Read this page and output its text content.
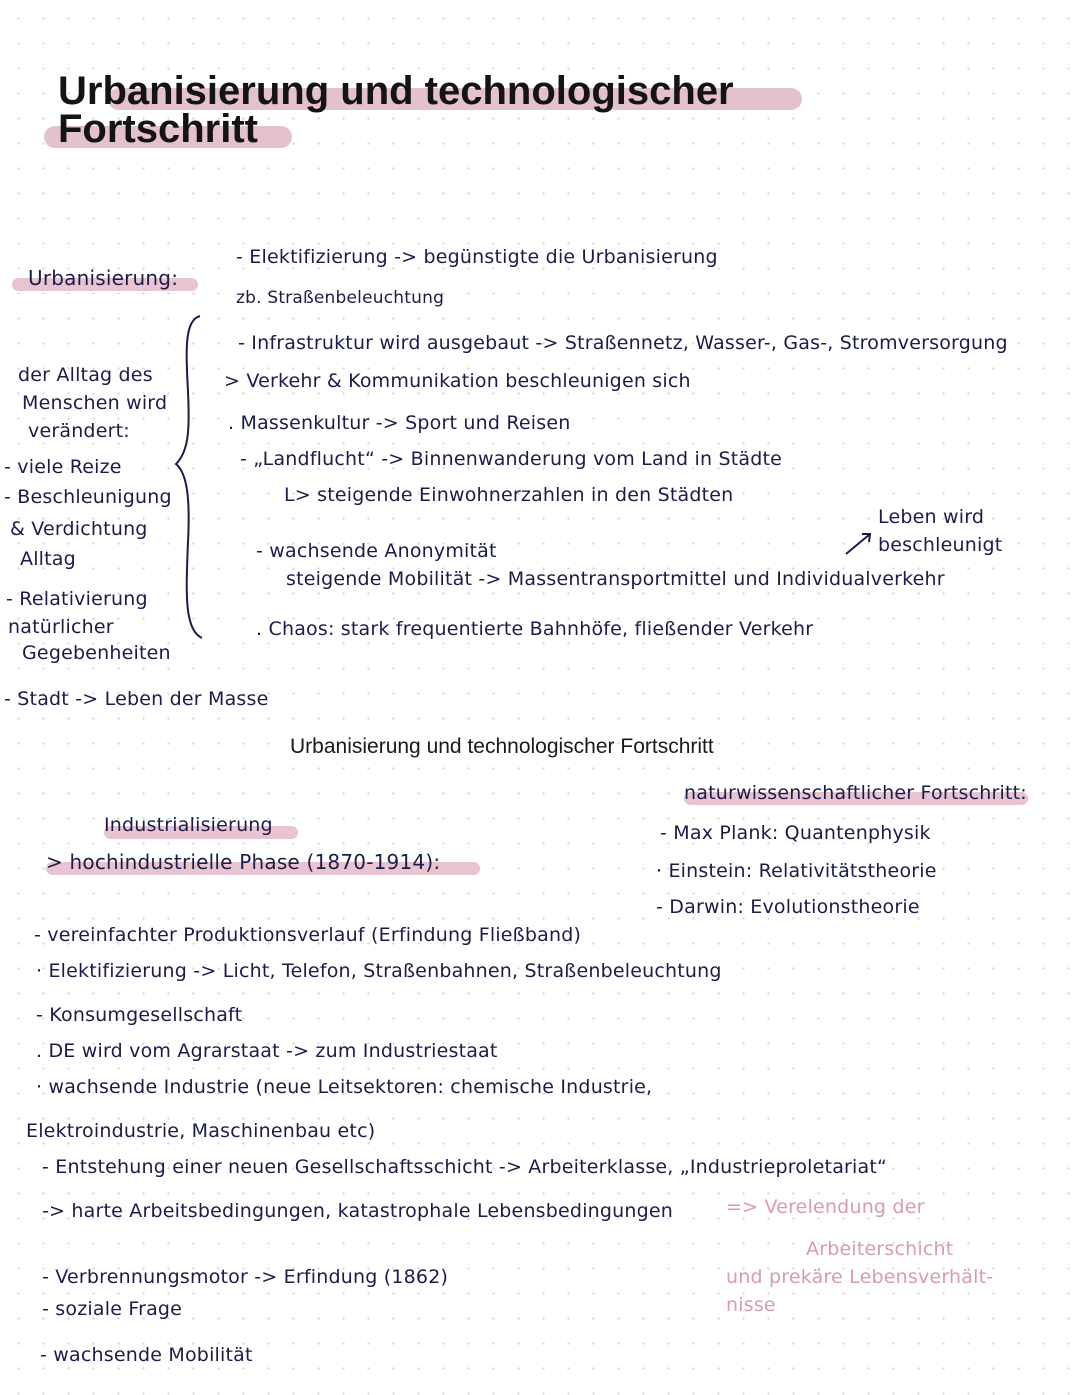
Urbanisierung und technologischer
Fortschritt
Urbanisierung:
der Alltag des
Menschen wird
verändert:
- viele Reize
- Beschleunigung
& Verdichtung
Alltag
- Relativierung
natürlicher
Gegebenheiten
- Stadt -> Leben der Masse
- Elektifizierung -> begünstigte die Urbanisierung
zb. Straßenbeleuchtung
- Infrastruktur wird ausgebaut -> Straßennetz, Wasser-, Gas-, Stromversorgung
> Verkehr & Kommunikation beschleunigen sich
. Massenkultur -> Sport und Reisen
- „Landflucht“ -> Binnenwanderung vom Land in Städte
L> steigende Einwohnerzahlen in den Städten
- wachsende Anonymität
steigende Mobilität -> Massentransportmittel und Individualverkehr
. Chaos: stark frequentierte Bahnhöfe, fließender Verkehr
Leben wird
beschleunigt
Urbanisierung und technologischer Fortschritt
naturwissenschaftlicher Fortschritt:
- Max Plank: Quantenphysik
· Einstein: Relativitätstheorie
- Darwin: Evolutionstheorie
Industrialisierung
> hochindustrielle Phase (1870-1914):
- vereinfachter Produktionsverlauf (Erfindung Fließband)
· Elektifizierung -> Licht, Telefon, Straßenbahnen, Straßenbeleuchtung
- Konsumgesellschaft
. DE wird vom Agrarstaat -> zum Industriestaat
· wachsende Industrie (neue Leitsektoren: chemische Industrie,
Elektroindustrie, Maschinenbau etc)
- Entstehung einer neuen Gesellschaftsschicht -> Arbeiterklasse, „Industrieproletariat“
-> harte Arbeitsbedingungen, katastrophale Lebensbedingungen
- Verbrennungsmotor -> Erfindung (1862)
- soziale Frage
- wachsende Mobilität
=> Verelendung der
Arbeiterschicht
und prekäre Lebensverhält-
nisse
